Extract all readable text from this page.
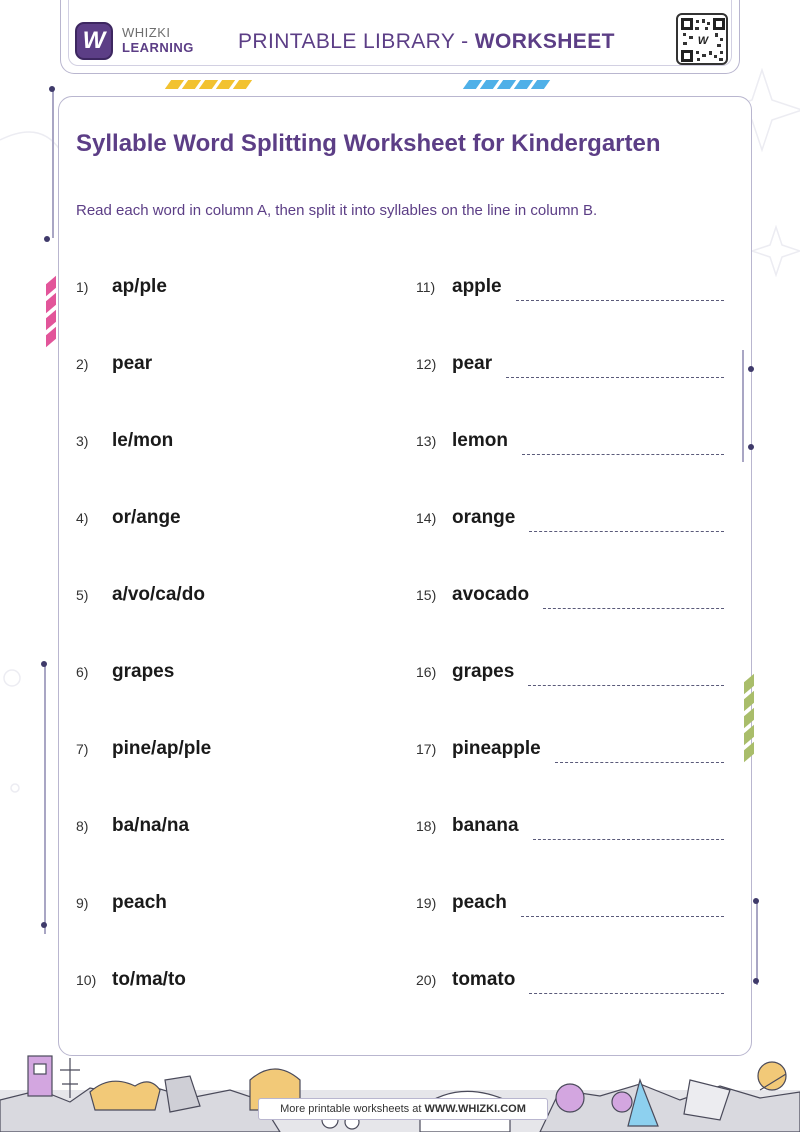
W WHIZKI
LEARNING PRINTABLE LIBRARY - WORKSHEET	W
Syllable Word Splitting Worksheet for Kindergarten
Read each word in column A, then split it into syllables on the line in column B.
1)	ap/ple
2)	pear
3)	le/mon
4)	or/ange
5)	a/vo/ca/do
6)	grapes
7)	pine/ap/ple
8)	ba/na/na
9)	peach
10) to/ma/to
11) apple
12) pear
13) lemon
14) orange
15) avocado
16) grapes
17) pineapple
18) banana
19) peach
20) tomato
More printable worksheets at WWW.WHIZKI.COM
